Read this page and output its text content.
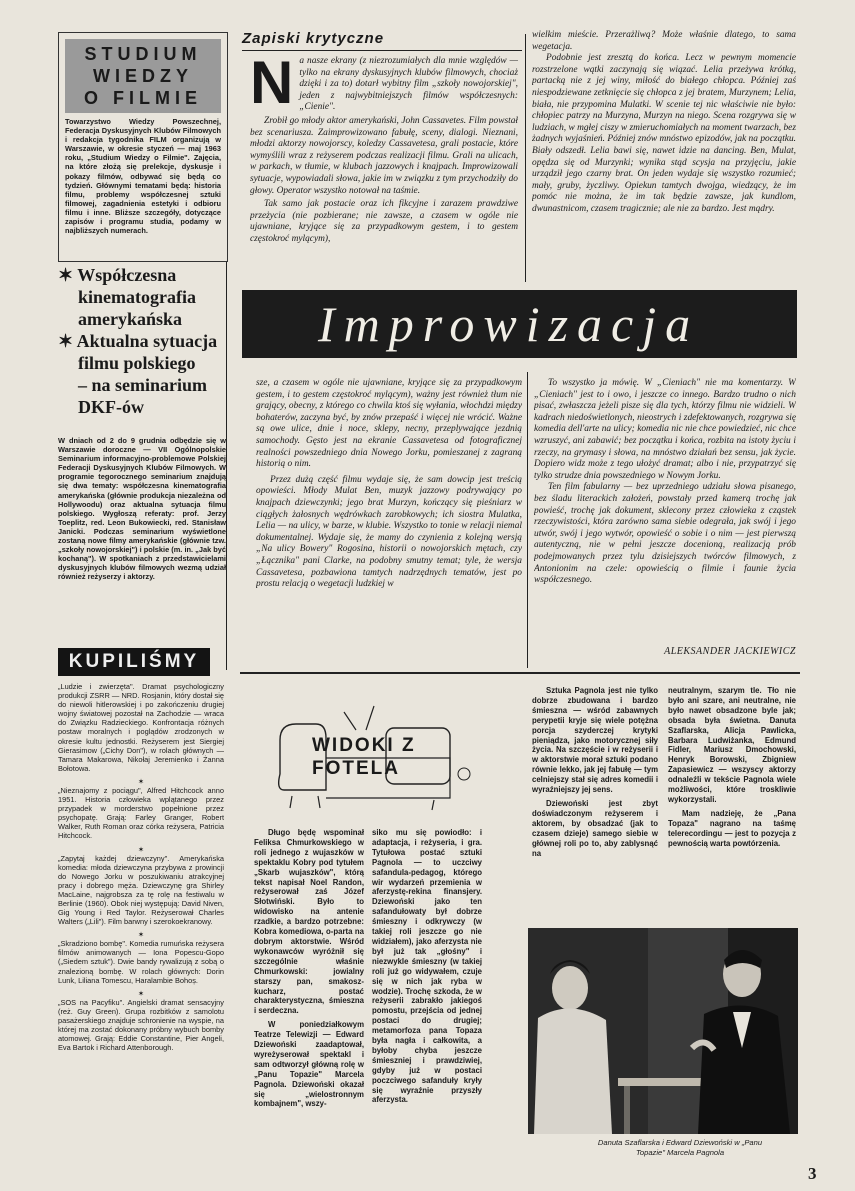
STUDIUM
WIEDZY
O FILMIE
Towarzystwo Wiedzy Powszechnej, Federacja Dyskusyjnych Klubów Filmowych i redakcja tygodnika FILM organizują w Warszawie, w okresie styczeń — maj 1963 roku, „Studium Wiedzy o Filmie". Zajęcia, na które złożą się prelekcje, dyskusje i pokazy filmów, odbywać się będą co tydzień. Głównymi tematami będą: historia filmu, problemy współczesnej sztuki filmowej, zagadnienia estetyki i odbioru filmu i inne. Bliższe szczegóły, dotyczące zapisów i programu studia, podamy w najbliższych numerach.
✶ Współczesna
kinematografia
amerykańska
✶ Aktualna sytuacja
filmu polskiego
– na seminarium
DKF-ów
W dniach od 2 do 9 grudnia odbędzie się w Warszawie doroczne — VII Ogólnopolskie Seminarium informacyjno-problemowe Polskiej Federacji Dyskusyjnych Klubów Filmowych. W programie tegorocznego seminarium znajdują się dwa tematy: współczesna kinematografia amerykańska (głównie produkcja niezależna od Hollywoodu) oraz aktualna sytuacja filmu polskiego. Wygłoszą referaty: prof. Jerzy Toeplitz, red. Leon Bukowiecki, red. Stanisław Janicki. Podczas seminarium wyświetlone zostaną nowe filmy amerykańskie (głównie tzw. „szkoły nowojorskiej") i polskie (m. in. „Jak być kochaną"). W spotkaniach z przedstawicielami dyskusyjnych klubów filmowych wezmą udział również reżyserzy i aktorzy.
KUPILIŚMY
„Ludzie i zwierzęta". Dramat psychologiczny produkcji ZSRR — NRD. Rosjanin, który dostał się do niewoli hitlerowskiej i po zakończeniu drugiej wojny światowej pozostał na Zachodzie — wraca do Związku Radzieckiego. Konfrontacja różnych postaw moralnych i poglądów zrodzonych w okresie kultu jednostki. Reżyserem jest Siergiej Gierasimow („Cichy Don"), w rolach głównych — Tamara Makarowa, Nikołaj Jeremienko i Żanna Bołotowa.
✶
„Nieznajomy z pociągu", Alfred Hitchcock anno 1951. Historia człowieka wplątanego przez przypadek w morderstwo popełnione przez psychopatę. Grają: Farley Granger, Robert Walker, Ruth Roman oraz córka reżysera, Patricia Hitchcock.
✶
„Zapytaj każdej dziewczyny". Amerykańska komedia: młoda dziewczyna przybywa z prowincji do Nowego Jorku w poszukiwaniu atrakcyjnej pracy i dobrego męża. Dziewczynę gra Shirley MacLaine, najgrobsza za tę rolę na festiwalu w Berlinie (1960). Obok niej występują: David Niven, Gig Young i Red Taylor. Reżyserował Charles Walters („Lili"). Film barwny i szerokoekranowy.
✶
„Skradziono bombę". Komedia rumuńska reżysera filmów animowanych — Iona Popescu-Gopo („Siedem sztuk"). Dwie bandy rywalizują z sobą o znalezioną bombę. W rolach głównych: Dorin Lunk, Liliana Tomescu, Haralambie Bohoș.
✶
„SOS na Pacyfiku". Angielski dramat sensacyjny (reż. Guy Green). Grupa rozbitków z samolotu pasażerskiego znajduje schronienie na wyspie, na której ma zostać dokonany próbny wybuch bomby atomowej. Grają: Eddie Constantine, Pier Angeli, Eva Bartok i Richard Attenborough.
Zapiski krytyczne
N a nasze ekrany (z niezrozumiałych dla mnie względów — tylko na ekrany dyskusyjnych klubów filmowych, chociaż dzięki i za to) dotarł wybitny film „szkoły nowojorskiej", jeden z najwybitniejszych filmów współczesnych: „Cienie".
Zrobił go młody aktor amerykański, John Cassavetes. Film powstał bez scenariusza. Zaimprowizowano fabułę, sceny, dialogi. Nieznani, młodzi aktorzy nowojorscy, koledzy Cassavetesa, grali postacie, które wymyślili wraz z reżyserem podczas realizacji filmu. Grali na ulicach, w parkach, w tłumie, w klubach jazzowych i knajpach. Improwizowali sytuacje, wypowiadali słowa, jakie im w związku z tym przychodziły do głowy. Operator wszystko notował na taśmie.
Tak samo jak postacie oraz ich fikcyjne i zarazem prawdziwe przeżycia (nie pozbierane; nie zawsze, a czasem w ogóle nie ujawniane, kryjące się za przypadkowym gestem, i to gestem częstokroć mylącym),
wielkim mieście. Przerażliwą? Może właśnie dlatego, to sama wegetacja.
Podobnie jest zresztą do końca. Lecz w pewnym momencie rozstrzelone wątki zaczynają się wiązać. Lelia przeżywa krótką, partacką nie z jej winy, miłość do białego chłopca. Później zaś niespodziewane zetknięcie się chłopca z jej bratem, Murzynem; Lelia, biała, nie przypomina Mulatki. W scenie tej nic właściwie nie było: chłopiec patrzy na Murzyna, Murzyn na niego. Scena rozgrywa się w ludziach, w mgłej ciszy w zmieruchomiałych na moment twarzach, bez żadnych wyjaśnień. Później znów mnóstwo epizodów, jak na początku. Biały odszedł. Lelia bawi się, nawet idzie na dancing. Ben, Mulat, opędza się od Murzynki; wynika stąd scysja na przyjęciu, jakie urządził jego czarny brat. On jeden wydaje się wszystko rozumieć; mały, gruby, życzliwy. Opiekun tamtych dwojga, wiedzący, że im pomóc nie można, że im tak będzie zawsze, jak kundlom, dwunastnicom, czasem tragicznie; ale nie za bardzo. Jest mądry.
Improwizacja
sze, a czasem w ogóle nie ujawniane, kryjące się za przypadkowym gestem, i to gestem częstokroć mylącym), ważny jest również tłum nie grający, obecny, z którego co chwila ktoś się wyłania, włochdzi między bohaterów, zaczyna być, by znów przepaść i więcej nie wrócić. Ważne są owe ulice, dnie i noce, sklepy, necny, przeplywające jezdnią samochody. Gęsto jest na ekranie Cassavetesa od fotograficznej realności powszedniego dnia Nowego Jorku, pomieszanej z zagraną historią o nim.
Przez dużą część filmu wydaje się, że sam dowcip jest treścią opowieści. Młody Mulat Ben, muzyk jazzowy podrywający po knajpach dziewczynki; jego brat Murzyn, kończący się pieśniarz w ciągłych żałosnych wędrówkach zarobkowych; ich siostra Mulatka, Lelia — na ulicy, w barze, w klubie. Wszystko to tonie w relacji niemal dokumentalnej. Wydaje się, że mamy do czynienia z kolejną wersją „Na ulicy Bowery" Rogosina, historii o nowojorskich mętach, czy „Łącznika" pani Clarke, na podobny smutny temat; tyle, że wersja Cassavetesa, pozbawiona tamtych nadrzędnych tematów, jest po prostu relacją o wegetacji ludzkiej w
To wszystko ja mówię. W „Cieniach" nie ma komentarzy. W „Cieniach" jest to i owo, i jeszcze co innego. Bardzo trudno o nich pisać, zwłaszcza jeżeli pisze się dla tych, którzy filmu nie widzieli. W kadrach niedoświetlonych, nieostrych i zdefektowanych, rozgrywa się komedia dell'arte na ulicy; komedia nic nie chce powiedzieć, nic chce wzruszyć, ani zabawić; bez początku i końca, rozbita na istoty życiu i rzeczy, na grymasy i słowa, na mnóstwo działań bez sensu, jak życie. Dopiero widz może z tego ułożyć dramat; albo i nie, przypatrzyć się tylko strudze dnia powszedniego w Nowym Jorku.
Ten film fabularny — bez uprzedniego udziału słowa pisanego, bez śladu literackich założeń, powstały przed kamerą trochę jak powieść, trochę jak dokument, sklecony przez człowieka z cząstek rzeczywistości, która zarówno sama siebie odegrała, jak swój i jego utwór, swój i jego wytwór, opowieść o sobie i o nim — jest pierwszą autentyczną, nie w pełni jeszcze docenioną, realizacją prób podejmowanych przez tylu dzisiejszych twórców filmowych, z Antonionim na czele: opowieścią o filmie i faunie życia współczesnego.
ALEKSANDER JACKIEWICZ
WIDOKI Z FOTELA
Długo będę wspominał Feliksa Chmurkowskiego w roli jednego z wujaszków w spektaklu Kobry pod tytułem „Skarb wujaszków", którą tekst napisał Noel Randon, reżyserował zaś Józef Słotwiński. Było to widowisko na antenie rzadkie, a bardzo potrzebne: Kobra komediowa, o-parta na dobrym aktorstwie. Wśród wykonawców wyróżnił się szczególnie właśnie Chmurkowski: jowialny starszy pan, smakosz-kucharz, postać charakterystyczna, śmieszna i serdeczna.
W poniedziałkowym Teatrze Telewizji — Edward Dziewoński zaadaptował, wyreżyserował spektakl i sam odtworzył główną rolę w „Panu Topazie" Marcela Pagnola. Dziewoński okazał się „wielostronnym kombajnem", wszy-
siko mu się powiodło: i adaptacja, i reżyseria, i gra. Tytułowa postać sztuki Pagnola — to uczciwy safandula-pedagog, którego wir wydarzeń przemienia w aferzystę-rekina finansjery. Dziewoński jako ten safandułowaty był dobrze śmieszny i odkrywczy (w takiej roli jeszcze go nie widziałem), jako aferzysta nie był już tak „głośny" i niezwykle śmieszny (w takiej roli już go widywałem, czuje się w nich jak ryba w wodzie). Trochę szkoda, że w reżyserii zabrakło jakiegoś pomostu, przejścia od jednej postaci do drugiej; metamorfoza pana Topaza była nagła i całkowita, a byłoby chyba jeszcze śmieszniej i prawdziwiej, gdyby już w postaci poczciwego safanduły kryły się wyraźnie przyszły aferzysta.
Sztuka Pagnola jest nie tylko dobrze zbudowana i bardzo śmieszna — wśród zabawnych perypetii kryje się wiele potężna porcja szyderczej krytyki pieniądza, jako motorycznej siły życia. Na szczęście i w reżyserii i w aktorstwie morał sztuki podano równie lekko, jak jej fabułę — tym celniejszy stał się adres komedii i wyraźniejszy jej sens.
Dziewoński jest zbyt doświadczonym reżyserem i aktorem, by obsadzać (jak to czasem dzieje) samego siebie w głównej roli po to, aby zablysnąć na
neutralnym, szarym tle. Tło nie było ani szare, ani neutralne, nie było nawet obsadzone byle jak; obsada była świetna. Danuta Szaflarska, Alicja Pawlicka, Barbara Ludwiżanka, Edmund Fidler, Mariusz Dmochowski, Henryk Borowski, Zbigniew Zapasiewicz — wszyscy aktorzy odnaleźli w tekście Pagnola wiele możliwości, które troskliwie wykorzystali.
Mam nadzieję, że „Pana Topaza" nagrano na taśmę telerecordingu — jest to pozycja z pewnością warta powtórzenia.
Danuta Szaflarska i Edward Dziewoński w „Panu Topazie" Marcela Pagnola
3
